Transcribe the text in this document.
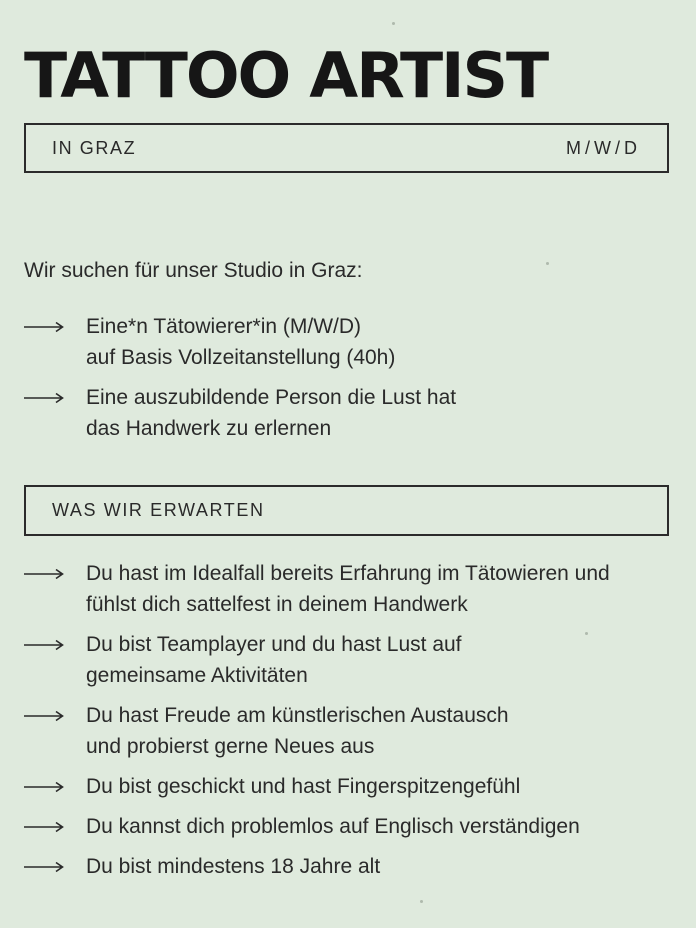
TATTOO ARTIST
IN GRAZ	M/W/D

Wir suchen für unser Studio in Graz:

Eine*n Tätowierer*in (M/W/D)
auf Basis Vollzeitanstellung (40h)
Eine auszubildende Person die Lust hat
das Handwerk zu erlernen
WAS WIR ERWARTEN
Du hast im Idealfall bereits Erfahrung im Tätowieren und
fühlst dich sattelfest in deinem Handwerk
Du bist Teamplayer und du hast Lust auf
gemeinsame Aktivitäten
Du hast Freude am künstlerischen Austausch
und probierst gerne Neues aus
Du bist geschickt und hast Fingerspitzengefühl
Du kannst dich problemlos auf Englisch verständigen
Du bist mindestens 18 Jahre alt
